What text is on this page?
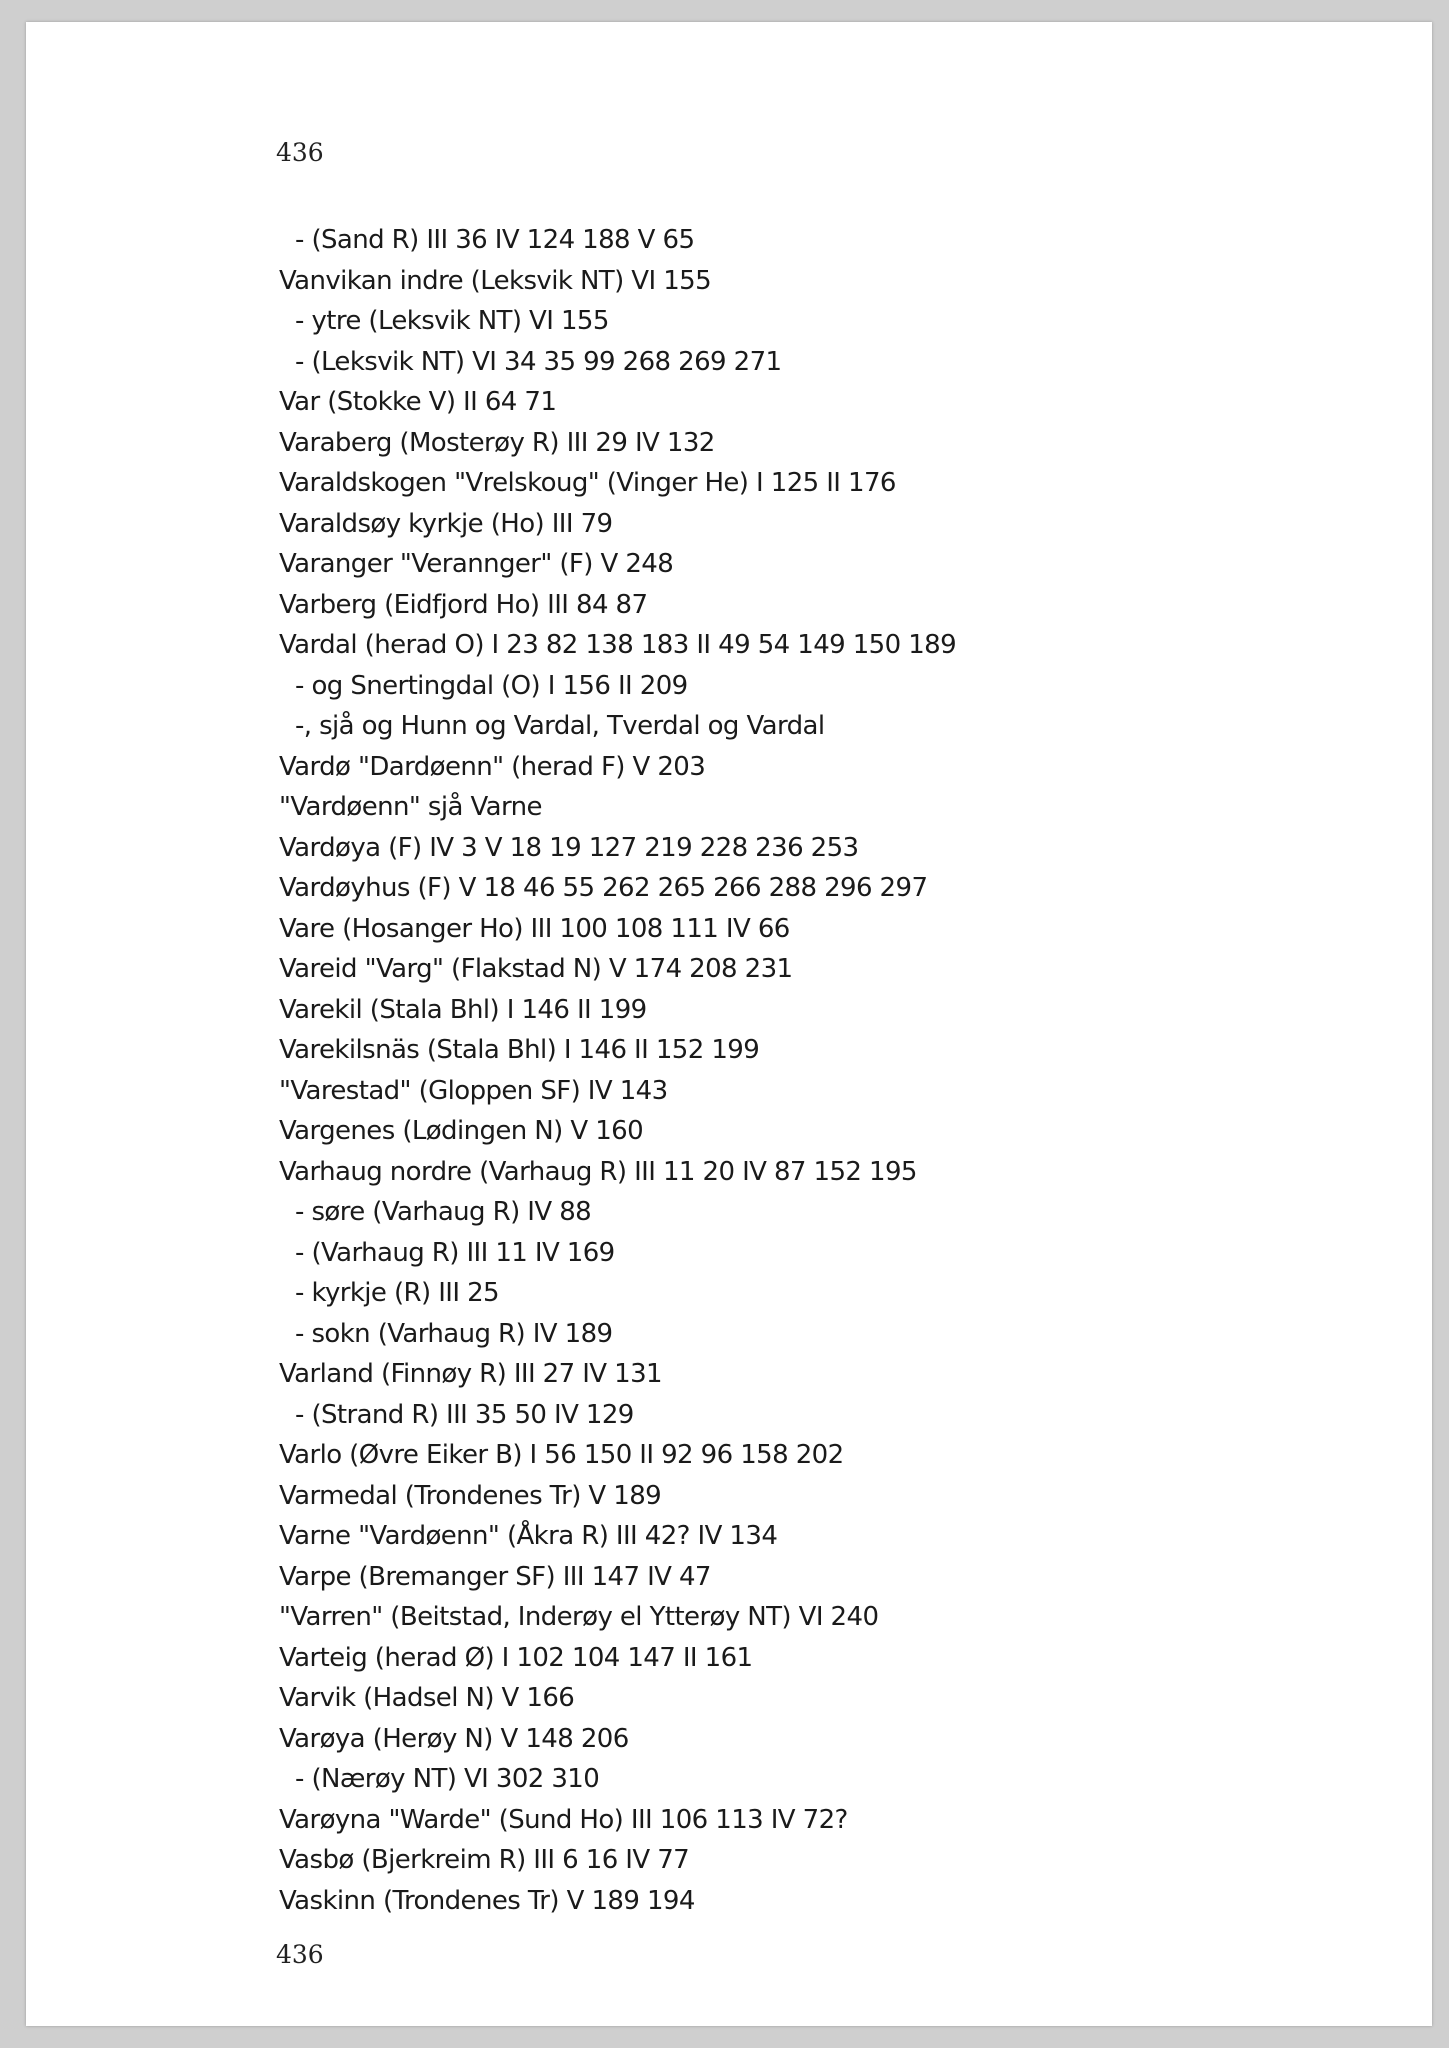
436
- (Sand R) III 36 IV 124 188 V 65
Vanvikan indre (Leksvik NT) VI 155
- ytre (Leksvik NT) VI 155
- (Leksvik NT) VI 34 35 99 268 269 271
Var (Stokke V) II 64 71
Varaberg (Mosterøy R) III 29 IV 132
Varaldskogen "Vrelskoug" (Vinger He) I 125 II 176
Varaldsøy kyrkje (Ho) III 79
Varanger "Verannger" (F) V 248
Varberg (Eidfjord Ho) III 84 87
Vardal (herad O) I 23 82 138 183 II 49 54 149 150 189
- og Snertingdal (O) I 156 II 209
-, sjå og Hunn og Vardal, Tverdal og Vardal
Vardø "Dardøenn" (herad F) V 203
"Vardøenn" sjå Varne
Vardøya (F) IV 3 V 18 19 127 219 228 236 253
Vardøyhus (F) V 18 46 55 262 265 266 288 296 297
Vare (Hosanger Ho) III 100 108 111 IV 66
Vareid "Varg" (Flakstad N) V 174 208 231
Varekil (Stala Bhl) I 146 II 199
Varekilsnäs (Stala Bhl) I 146 II 152 199
"Varestad" (Gloppen SF) IV 143
Vargenes (Lødingen N) V 160
Varhaug nordre (Varhaug R) III 11 20 IV 87 152 195
- søre (Varhaug R) IV 88
- (Varhaug R) III 11 IV 169
- kyrkje (R) III 25
- sokn (Varhaug R) IV 189
Varland (Finnøy R) III 27 IV 131
- (Strand R) III 35 50 IV 129
Varlo (Øvre Eiker B) I 56 150 II 92 96 158 202
Varmedal (Trondenes Tr) V 189
Varne "Vardøenn" (Åkra R) III 42? IV 134
Varpe (Bremanger SF) III 147 IV 47
"Varren" (Beitstad, Inderøy el Ytterøy NT) VI 240
Varteig (herad Ø) I 102 104 147 II 161
Varvik (Hadsel N) V 166
Varøya (Herøy N) V 148 206
- (Nærøy NT) VI 302 310
Varøyna "Warde" (Sund Ho) III 106 113 IV 72?
Vasbø (Bjerkreim R) III 6 16 IV 77
Vaskinn (Trondenes Tr) V 189 194
436
